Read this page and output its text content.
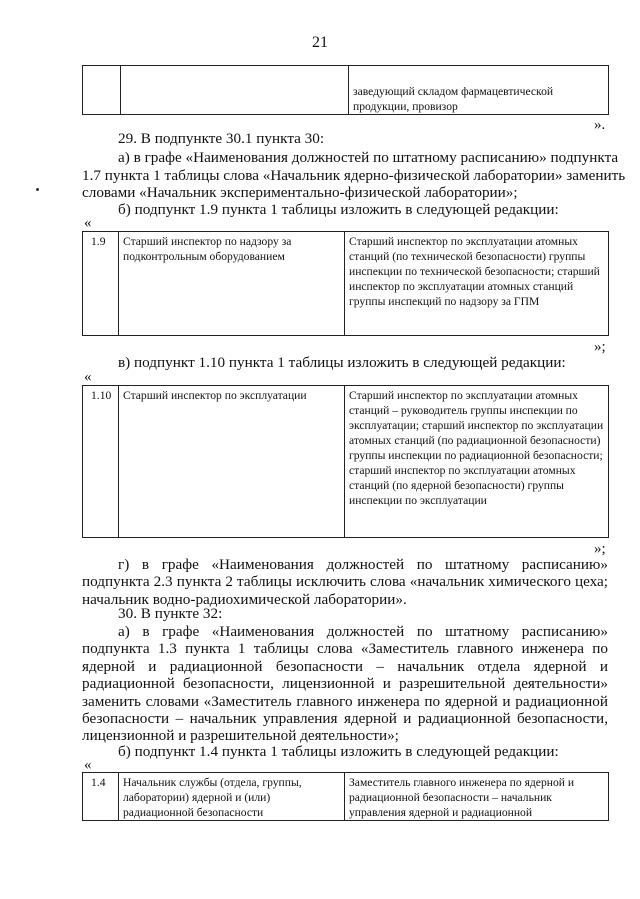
21
		заведующий складом фармацевтической продукции, провизор
».
29. В подпункте 30.1 пункта 30:
а) в графе «Наименования должностей по штатному расписанию» подпункта
1.7 пункта 1 таблицы слова «Начальник ядерно-физической лаборатории» заменить
словами «Начальник экспериментально-физической лаборатории»;
б) подпункт 1.9 пункта 1 таблицы изложить в следующей редакции:
«
1.9	Старший инспектор по надзору за подконтрольным оборудованием	Старший инспектор по эксплуатации атомных станций (по технической безопасности) группы инспекции по технической безопасности; старший инспектор по эксплуатации атомных станций группы инспекций по надзору за ГПМ
»;
в) подпункт 1.10 пункта 1 таблицы изложить в следующей редакции:
«
1.10	Старший инспектор по эксплуатации	Старший инспектор по эксплуатации атомных станций – руководитель группы инспекции по эксплуатации; старший инспектор по эксплуатации атомных станций (по радиационной безопасности) группы инспекции по радиационной безопасности; старший инспектор по эксплуатации атомных станций (по ядерной безопасности) группы инспекции по эксплуатации
»;

г) в графе «Наименования должностей по штатному расписанию» подпункта 2.3 пункта 2 таблицы исключить слова «начальник химического цеха; начальник водно-радиохимической лаборатории».

30. В пункте 32:

а) в графе «Наименования должностей по штатному расписанию» подпункта 1.3 пункта 1 таблицы слова «Заместитель главного инженера по ядерной и радиационной безопасности – начальник отдела ядерной и радиационной безопасности, лицензионной и разрешительной деятельности» заменить словами «Заместитель главного инженера по ядерной и радиационной безопасности – начальник управления ядерной и радиационной безопасности, лицензионной и разрешительной деятельности»;

б) подпункт 1.4 пункта 1 таблицы изложить в следующей редакции:
«
1.4	Начальник службы (отдела, группы, лаборатории) ядерной и (или) радиационной безопасности	Заместитель главного инженера по ядерной и радиационной безопасности – начальник управления ядерной и радиационной
